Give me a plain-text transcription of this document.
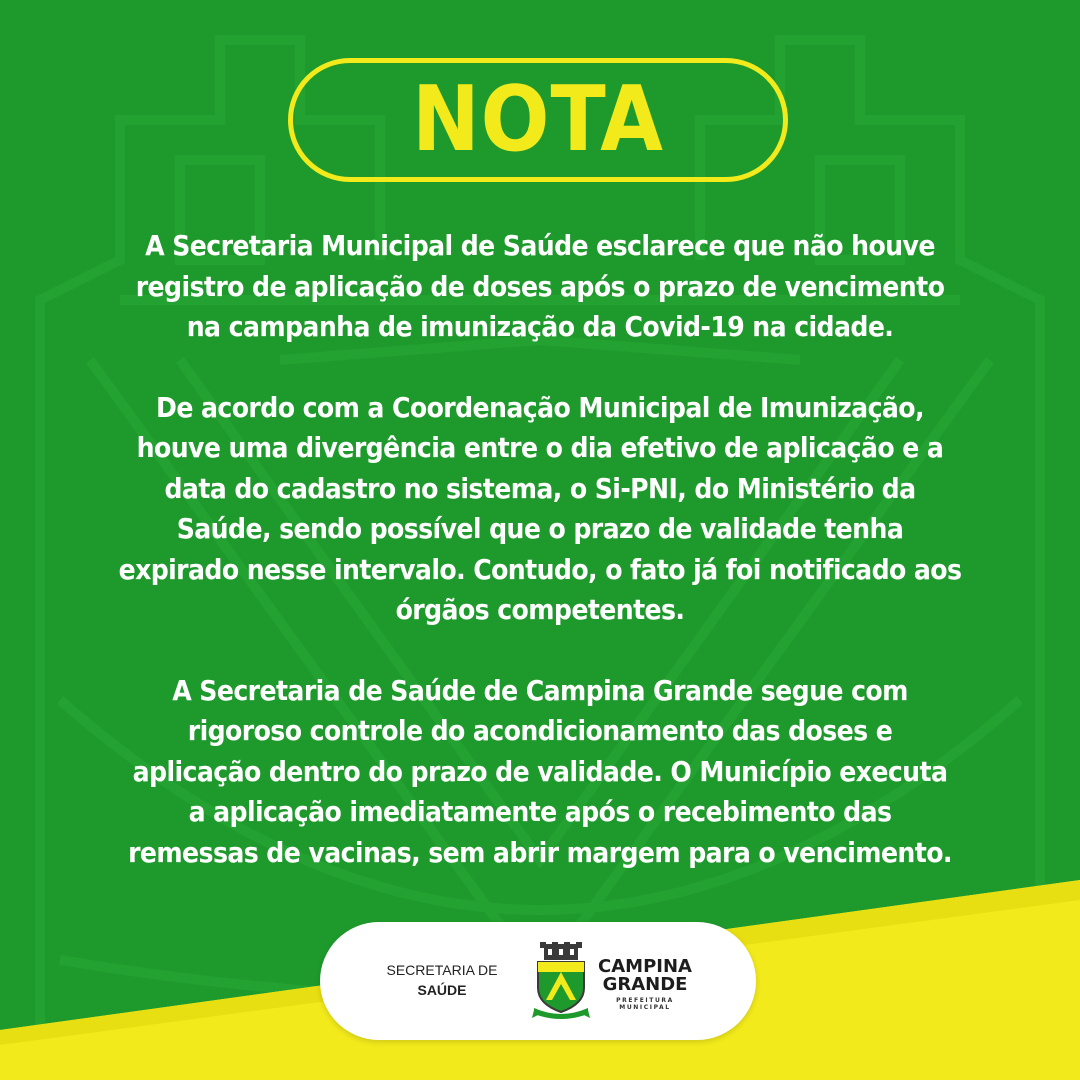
NOTA

A Secretaria Municipal de Saúde esclarece que não houve
registro de aplicação de doses após o prazo de vencimento
na campanha de imunização da Covid-19 na cidade.

De acordo com a Coordenação Municipal de Imunização,
houve uma divergência entre o dia efetivo de aplicação e a
data do cadastro no sistema, o Si-PNI, do Ministério da
Saúde, sendo possível que o prazo de validade tenha
expirado nesse intervalo. Contudo, o fato já foi notificado aos
órgãos competentes.

A Secretaria de Saúde de Campina Grande segue com
rigoroso controle do acondicionamento das doses e
aplicação dentro do prazo de validade. O Município executa
a aplicação imediatamente após o recebimento das
remessas de vacinas, sem abrir margem para o vencimento.

SECRETARIA DE
SAÚDE
CAMPINA
GRANDE
PREFEITURA MUNICIPAL
